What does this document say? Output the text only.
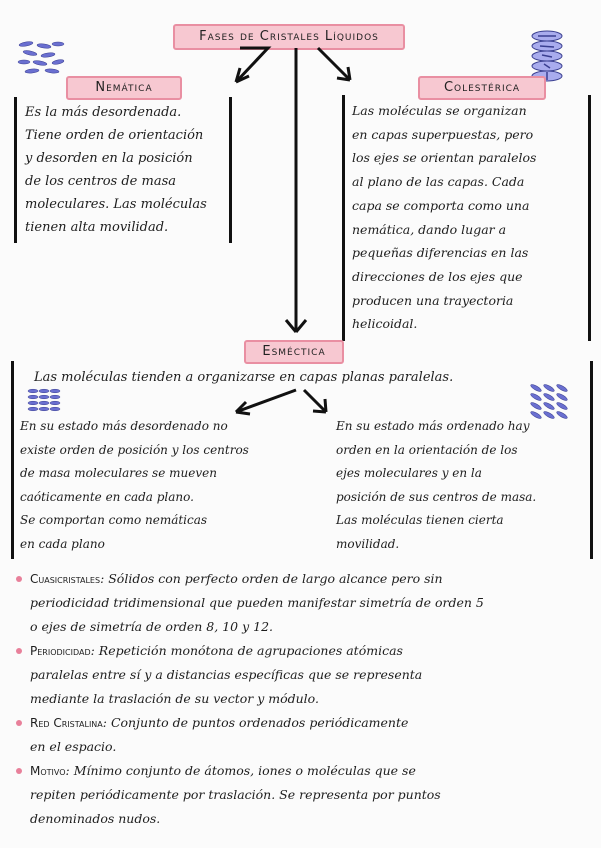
Fases de Cristales Líquidos
Nemática
Es la más desordenada.
Tiene orden de orientación
y desorden en la posición
de los centros de masa
moleculares. Las moléculas
tienen alta movilidad.
Colestérica
Las moléculas se organizan
en capas superpuestas, pero
los ejes se orientan paralelos
al plano de las capas. Cada
capa se comporta como una
nemática, dando lugar a
pequeñas diferencias en las
direcciones de los ejes que
producen una trayectoria
helicoidal.
Esméctica
Las moléculas tienden a organizarse en capas planas paralelas.
En su estado más desordenado no
existe orden de posición y los centros
de masa moleculares se mueven
caóticamente en cada plano.
Se comportan como nemáticas
en cada plano
En su estado más ordenado hay
orden en la orientación de los
ejes moleculares y en la
posición de sus centros de masa.
Las moléculas tienen cierta
movilidad.
Cuasicristales: Sólidos con perfecto orden de largo alcance pero sin
periodicidad tridimensional que pueden manifestar simetría de orden 5
o ejes de simetría de orden 8, 10 y 12.
Periodicidad: Repetición monótona de agrupaciones atómicas
paralelas entre sí y a distancias específicas que se representa
mediante la traslación de su vector y módulo.
Red Cristalina: Conjunto de puntos ordenados periódicamente
en el espacio.
Motivo: Mínimo conjunto de átomos, iones o moléculas que se
repiten periódicamente por traslación. Se representa por puntos
denominados nudos.
